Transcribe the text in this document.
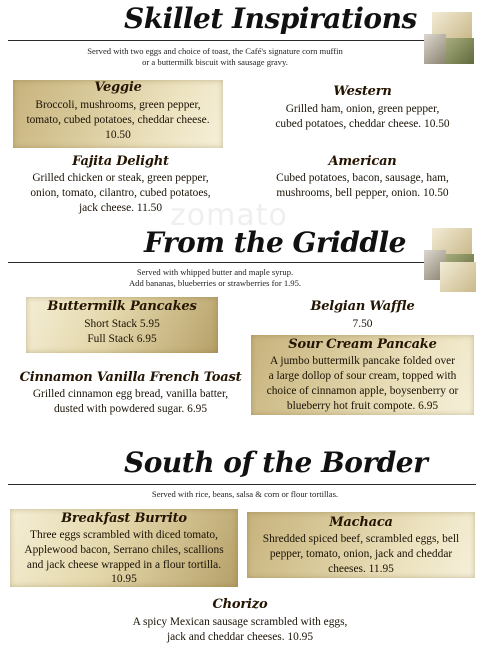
zomato
Skillet Inspirations
Served with two eggs and choice of toast, the Café's signature corn muffin
or a buttermilk biscuit with sausage gravy.
Veggie
Broccoli, mushrooms, green pepper,
tomato, cubed potatoes, cheddar cheese.
10.50
Western
Grilled ham, onion, green pepper,
cubed potatoes, cheddar cheese. 10.50
Fajita Delight
Grilled chicken or steak, green pepper,
onion, tomato, cilantro, cubed potatoes,
jack cheese. 11.50
American
Cubed potatoes, bacon, sausage, ham,
mushrooms, bell pepper, onion. 10.50
From the Griddle
Served with whipped butter and maple syrup.
Add bananas, blueberries or strawberries for 1.95.
Buttermilk Pancakes
Short Stack 5.95
Full Stack 6.95
Belgian Waffle
7.50
Sour Cream Pancake
A jumbo buttermilk pancake folded over
a large dollop of sour cream, topped with
choice of cinnamon apple, boysenberry or
blueberry hot fruit compote. 6.95
Cinnamon Vanilla French Toast
Grilled cinnamon egg bread, vanilla batter,
dusted with powdered sugar. 6.95
South of the Border
Served with rice, beans, salsa & corn or flour tortillas.
Breakfast Burrito
Three eggs scrambled with diced tomato,
Applewood bacon, Serrano chiles, scallions
and jack cheese wrapped in a flour tortilla.
10.95
Machaca
Shredded spiced beef, scrambled eggs, bell
pepper, tomato, onion, jack and cheddar
cheeses. 11.95
Chorizo
A spicy Mexican sausage scrambled with eggs,
jack and cheddar cheeses. 10.95
